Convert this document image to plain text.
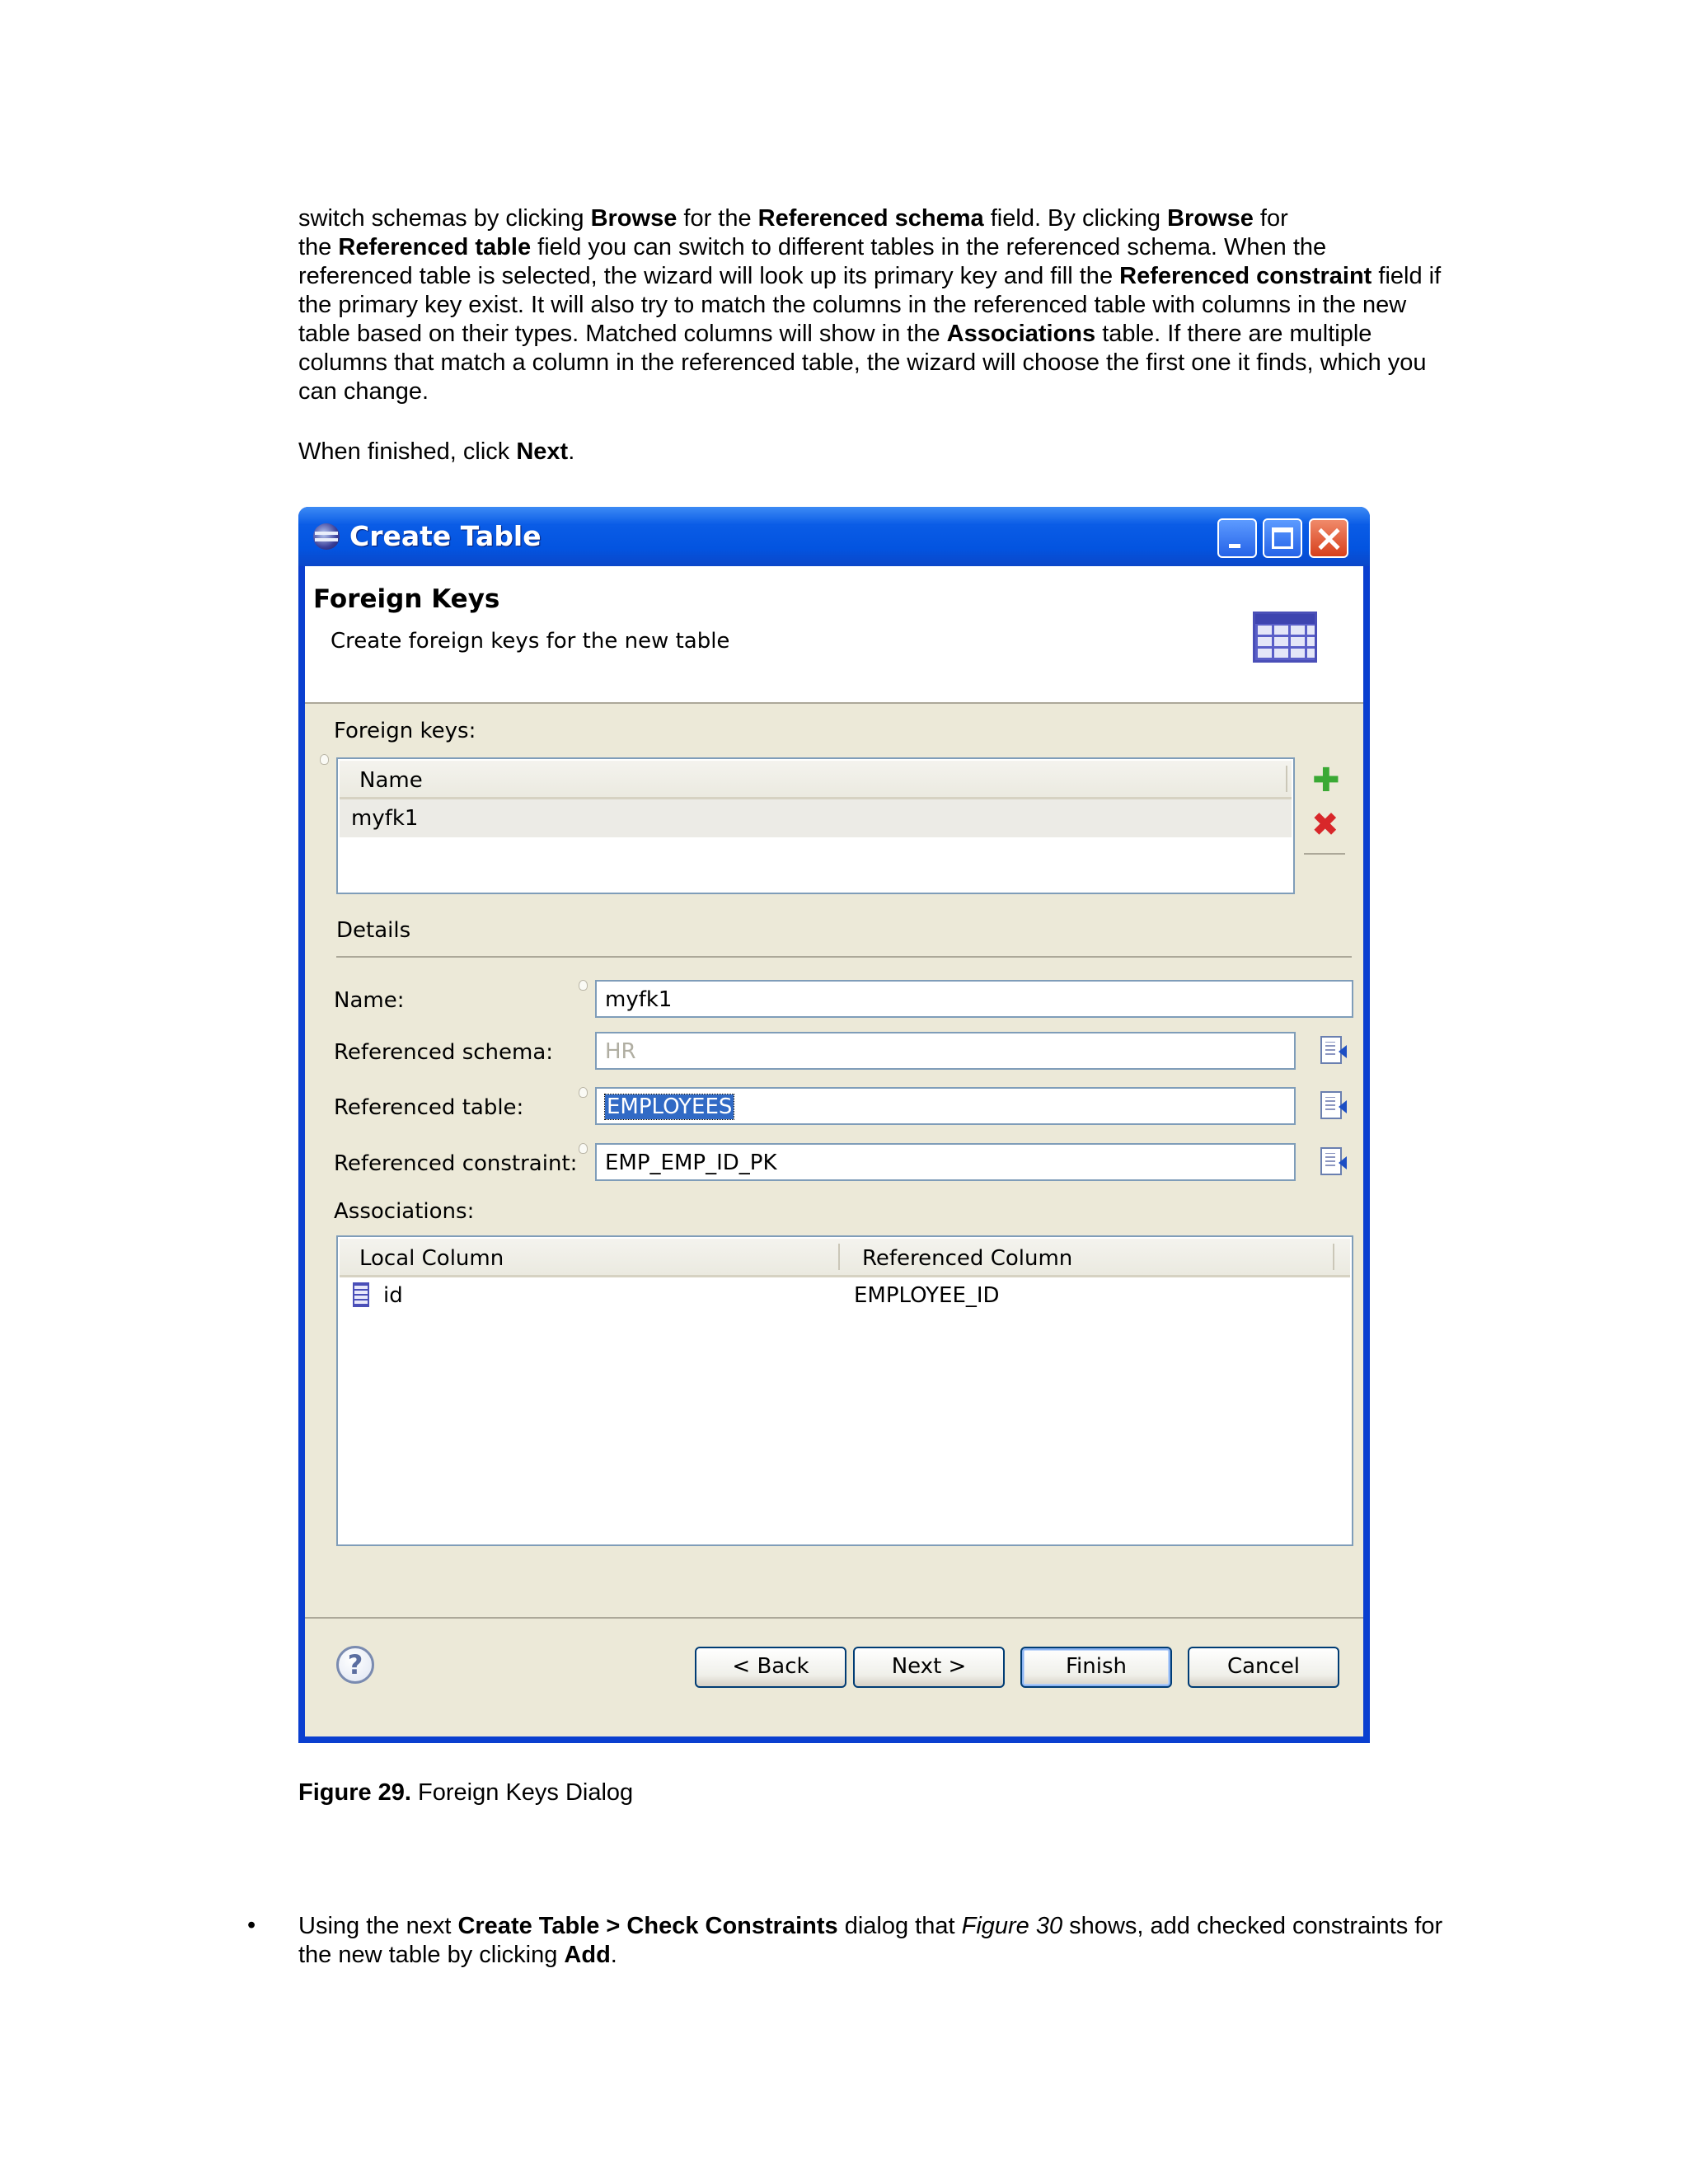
switch schemas by clicking Browse for the Referenced schema field. By clicking Browse for
the Referenced table field you can switch to different tables in the referenced schema. When the
referenced table is selected, the wizard will look up its primary key and fill the Referenced constraint field if
the primary key exist. It will also try to match the columns in the referenced table with columns in the new
table based on their types. Matched columns will show in the Associations table. If there are multiple
columns that match a column in the referenced table, the wizard will choose the first one it finds, which you
can change.
When finished, click Next.
Create Table
Foreign Keys
Create foreign keys for the new table
Foreign keys:
Name
myfk1
✚
✖
Details
Name:	myfk1
Referenced schema:	HR
Referenced table:	EMPLOYEES
Referenced constraint:	EMP_EMP_ID_PK
Associations:
Local Column	Referenced Column
id	EMPLOYEE_ID
?	< Back	Next >	Finish	Cancel
Figure 29. Foreign Keys Dialog
• Using the next Create Table > Check Constraints dialog that Figure 30 shows, add checked constraints for
the new table by clicking Add.
